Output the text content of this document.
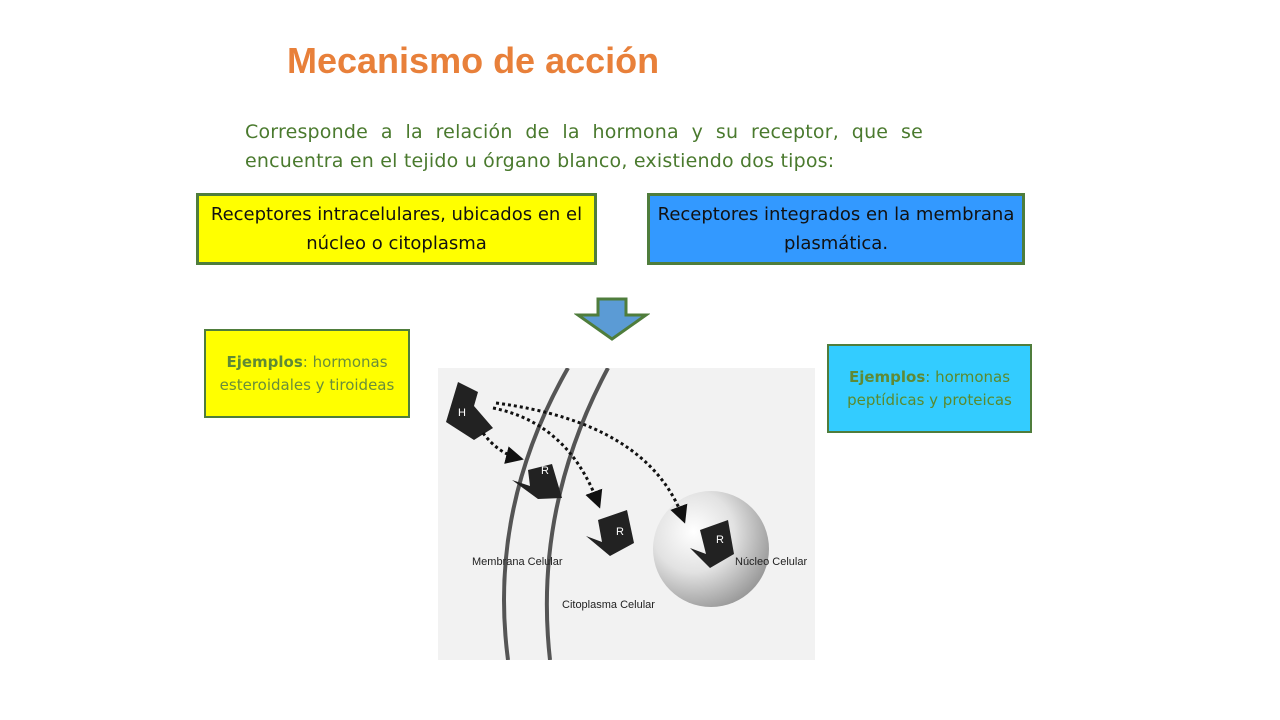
Mecanismo de acción
Corresponde a la relación de la hormona y su receptor, que se encuentra en el tejido u órgano blanco, existiendo dos tipos:
Receptores intracelulares, ubicados en el núcleo o citoplasma
Receptores integrados en la membrana plasmática.
Ejemplos: hormonas esteroidales y tiroideas	Ejemplos: hormonas peptídicas y proteicas
H
R
R
R
Membrana Celular
Citoplasma Celular
Núcleo Celular
